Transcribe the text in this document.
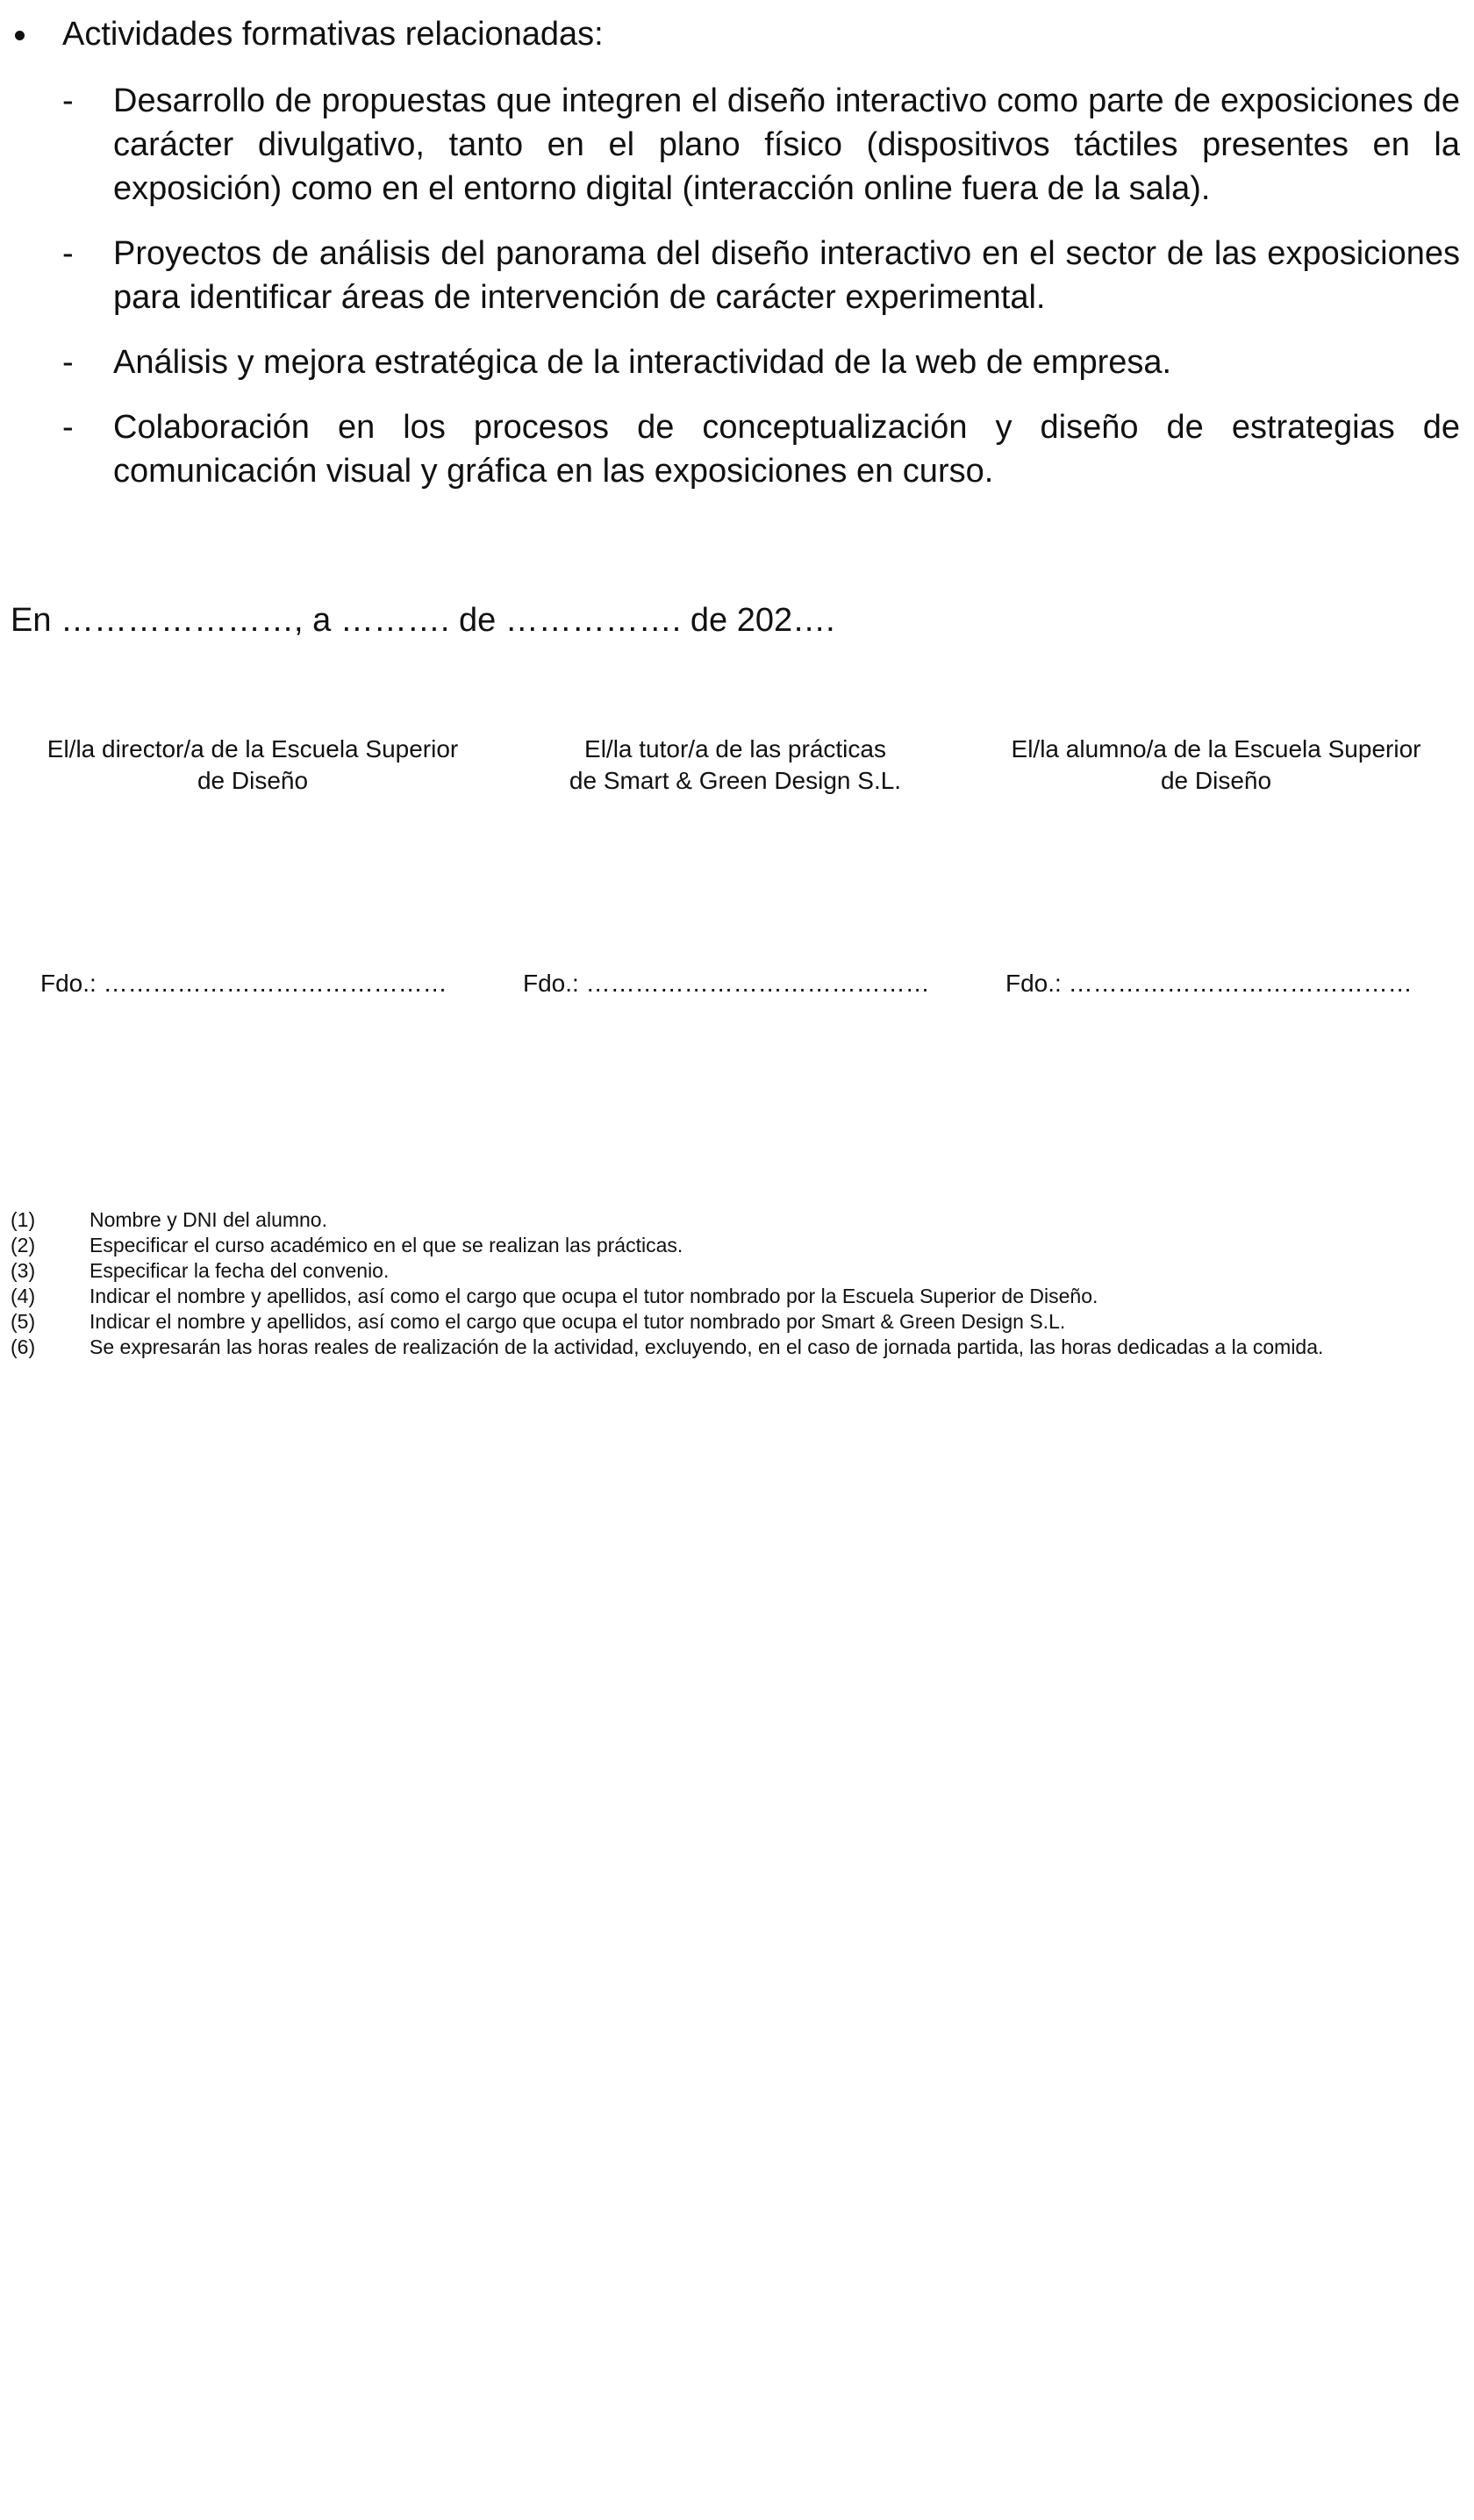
Actividades formativas relacionadas:
-	Desarrollo de propuestas que integren el diseño interactivo como parte de exposiciones de carácter divulgativo, tanto en el plano físico (dispositivos táctiles presentes en la exposición) como en el entorno digital (interacción online fuera de la sala).
-	Proyectos de análisis del panorama del diseño interactivo en el sector de las exposiciones para identificar áreas de intervención de carácter experimental.
-	Análisis y mejora estratégica de la interactividad de la web de empresa.
-	Colaboración en los procesos de conceptualización y diseño de estrategias de comunicación visual y gráfica en las exposiciones en curso.
En …………………, a ………. de ……………. de 202….
El/la director/a de la Escuela Superior
de Diseño
El/la tutor/a de las prácticas
de Smart & Green Design S.L.
El/la alumno/a de la Escuela Superior
de Diseño
Fdo.: ……………………………………	Fdo.: ……………………………………	Fdo.: ……………………………………
(1)	Nombre y DNI del alumno.
(2)	Especificar el curso académico en el que se realizan las prácticas.
(3)	Especificar la fecha del convenio.
(4)	Indicar el nombre y apellidos, así como el cargo que ocupa el tutor nombrado por la Escuela Superior de Diseño.
(5)	Indicar el nombre y apellidos, así como el cargo que ocupa el tutor nombrado por Smart & Green Design S.L.
(6)	Se expresarán las horas reales de realización de la actividad, excluyendo, en el caso de jornada partida, las horas dedicadas a la comida.
